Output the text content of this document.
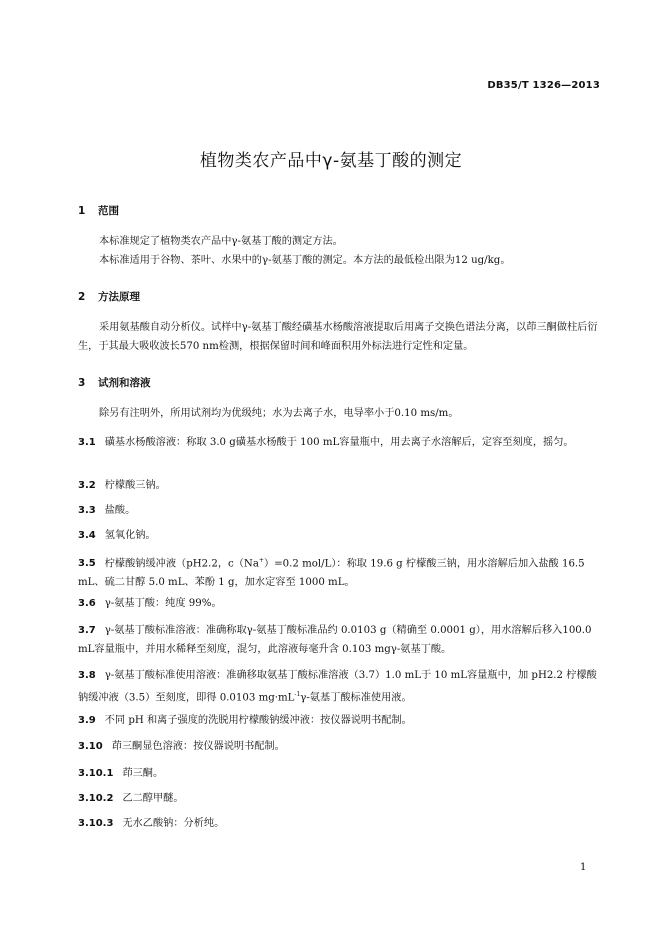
DB35/T 1326—2013
植物类农产品中γ-氨基丁酸的测定
1 范围
本标准规定了植物类农产品中γ-氨基丁酸的测定方法。
本标准适用于谷物、茶叶、水果中的γ-氨基丁酸的测定。本方法的最低检出限为12 ug/kg。
2 方法原理
采用氨基酸自动分析仪。试样中γ-氨基丁酸经磺基水杨酸溶液提取后用离子交换色谱法分离，以茚三酮做柱后衍生，于其最大吸收波长570 nm检测，根据保留时间和峰面积用外标法进行定性和定量。
3 试剂和溶液
除另有注明外，所用试剂均为优级纯；水为去离子水，电导率小于0.10 ms/m。
3.1 磺基水杨酸溶液：称取 3.0 g磺基水杨酸于 100 mL容量瓶中，用去离子水溶解后，定容至刻度，摇匀。
3.2 柠檬酸三钠。
3.3 盐酸。
3.4 氢氧化钠。
3.5 柠檬酸钠缓冲液（pH2.2，c（Na+）=0.2 mol/L）：称取 19.6 g 柠檬酸三钠，用水溶解后加入盐酸 16.5 mL、硫二甘醇 5.0 mL、苯酚 1 g，加水定容至 1000 mL。
3.6 γ-氨基丁酸：纯度 99%。
3.7 γ-氨基丁酸标准溶液：准确称取γ-氨基丁酸标准品约 0.0103 g（精确至 0.0001 g），用水溶解后移入100.0 mL容量瓶中，并用水稀释至刻度，混匀，此溶液每毫升含 0.103 mgγ-氨基丁酸。
3.8 γ-氨基丁酸标准使用溶液：准确移取氨基丁酸标准溶液（3.7）1.0 mL于 10 mL容量瓶中，加 pH2.2 柠檬酸钠缓冲液（3.5）至刻度，即得 0.0103 $mg\cdot mL^{-1}\gamma-$氨基丁酸标准使用液。
3.9 不同 pH 和离子强度的洗脱用柠檬酸钠缓冲液：按仪器说明书配制。
3.10 茚三酮显色溶液：按仪器说明书配制。
3.10.1 茚三酮。
3.10.2 乙二醇甲醚。
3.10.3 无水乙酸钠：分析纯。
1
